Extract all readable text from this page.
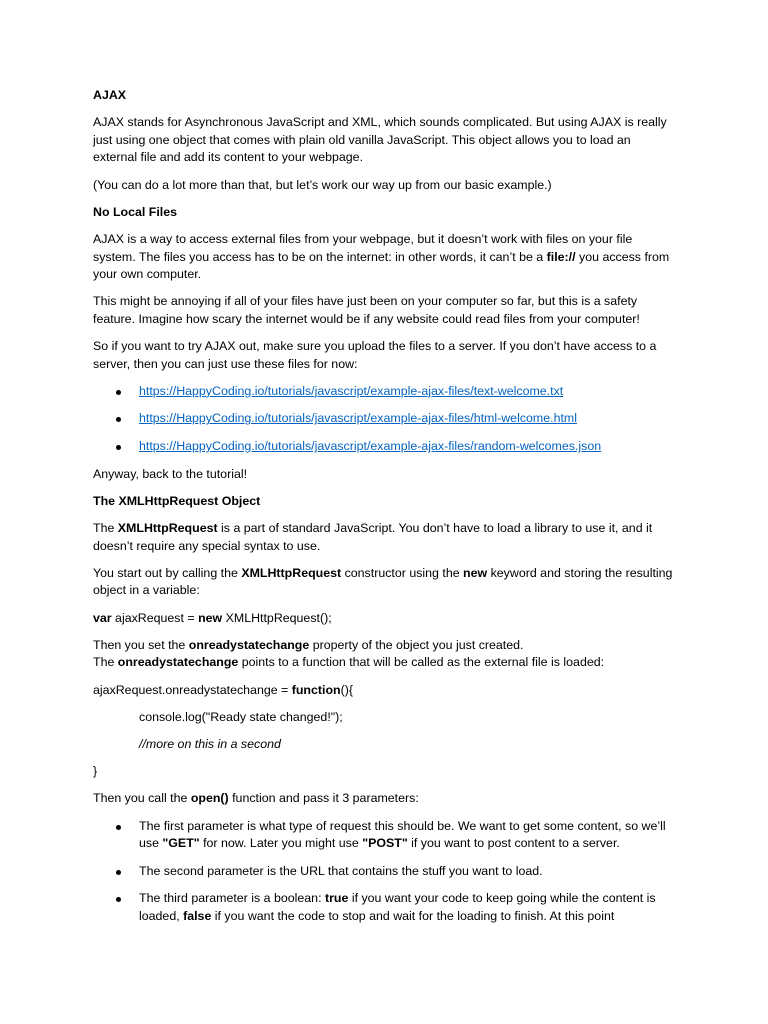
AJAX

AJAX stands for Asynchronous JavaScript and XML, which sounds complicated. But using AJAX is really just using one object that comes with plain old vanilla JavaScript. This object allows you to load an external file and add its content to your webpage.

(You can do a lot more than that, but let’s work our way up from our basic example.)

No Local Files

AJAX is a way to access external files from your webpage, but it doesn’t work with files on your file system. The files you access has to be on the internet: in other words, it can’t be a file:// you access from your own computer.

This might be annoying if all of your files have just been on your computer so far, but this is a safety feature. Imagine how scary the internet would be if any website could read files from your computer!

So if you want to try AJAX out, make sure you upload the files to a server. If you don’t have access to a server, then you can just use these files for now:

https://HappyCoding.io/tutorials/javascript/example-ajax-files/text-welcome.txt
https://HappyCoding.io/tutorials/javascript/example-ajax-files/html-welcome.html
https://HappyCoding.io/tutorials/javascript/example-ajax-files/random-welcomes.json

Anyway, back to the tutorial!

The XMLHttpRequest Object

The XMLHttpRequest is a part of standard JavaScript. You don’t have to load a library to use it, and it doesn’t require any special syntax to use.

You start out by calling the XMLHttpRequest constructor using the new keyword and storing the resulting object in a variable:

var ajaxRequest = new XMLHttpRequest();

Then you set the onreadystatechange property of the object you just created.
The onreadystatechange points to a function that will be called as the external file is loaded:

ajaxRequest.onreadystatechange = function(){

console.log("Ready state changed!");

//more on this in a second

}

Then you call the open() function and pass it 3 parameters:

The first parameter is what type of request this should be. We want to get some content, so we’ll use "GET" for now. Later you might use "POST" if you want to post content to a server.
The second parameter is the URL that contains the stuff you want to load.
The third parameter is a boolean: true if you want your code to keep going while the content is loaded, false if you want the code to stop and wait for the loading to finish. At this point
